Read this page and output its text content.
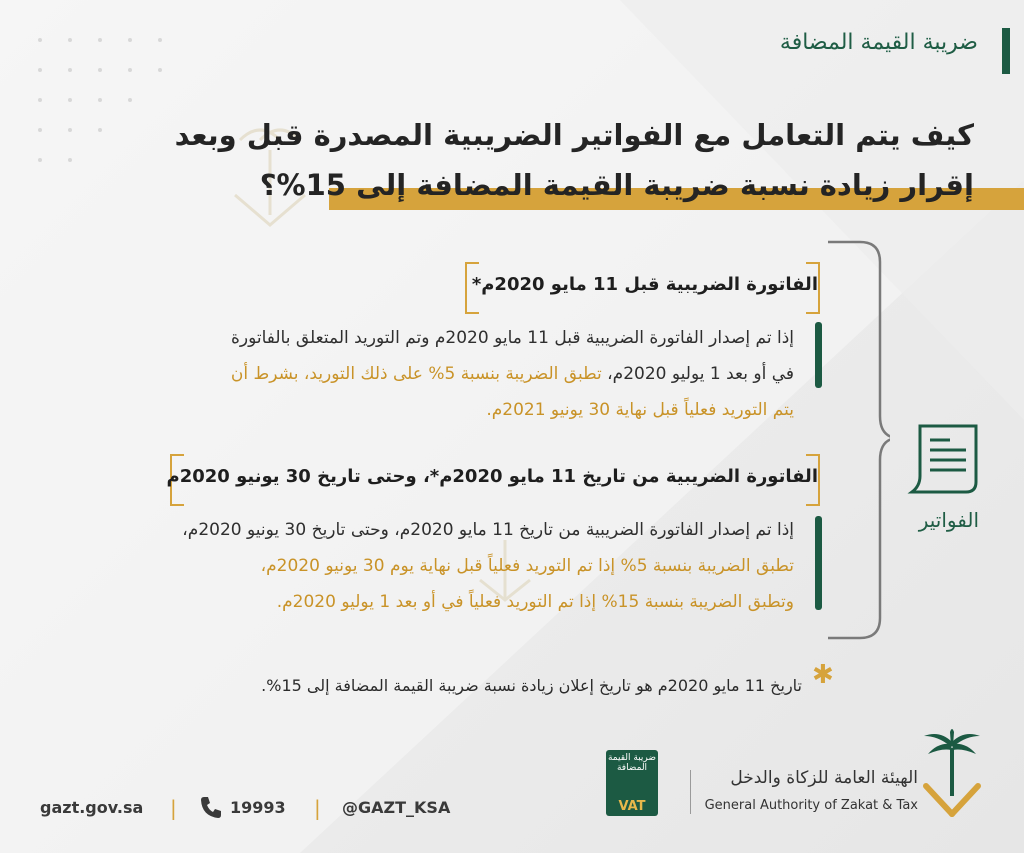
ضريبة القيمة المضافة
كيف يتم التعامل مع الفواتير الضريبية المصدرة قبل وبعد
إقرار زيادة نسبة ضريبة القيمة المضافة إلى 15%؟
الفواتير
الفاتورة الضريبية قبل 11 مايو 2020م*
إذا تم إصدار الفاتورة الضريبية قبل 11 مايو 2020م وتم التوريد المتعلق بالفاتورة
في أو بعد 1 يوليو 2020م، تطبق الضريبة بنسبة 5% على ذلك التوريد، بشرط أن
يتم التوريد فعلياً قبل نهاية 30 يونيو 2021م.
الفاتورة الضريبية من تاريخ 11 مايو 2020م*، وحتى تاريخ 30 يونيو 2020م
إذا تم إصدار الفاتورة الضريبية من تاريخ 11 مايو 2020م، وحتى تاريخ 30 يونيو 2020م،
تطبق الضريبة بنسبة 5% إذا تم التوريد فعلياً قبل نهاية يوم 30 يونيو 2020م،
وتطبق الضريبة بنسبة 15% إذا تم التوريد فعلياً في أو بعد 1 يوليو 2020م.
✱
تاريخ 11 مايو 2020م هو تاريخ إعلان زيادة نسبة ضريبة القيمة المضافة إلى 15%.
gazt.gov.sa |	19993 | @GAZT_KSA
ضريبة القيمة المضافة
VAT
الهيئة العامة للزكاة والدخل
General Authority of Zakat & Tax
